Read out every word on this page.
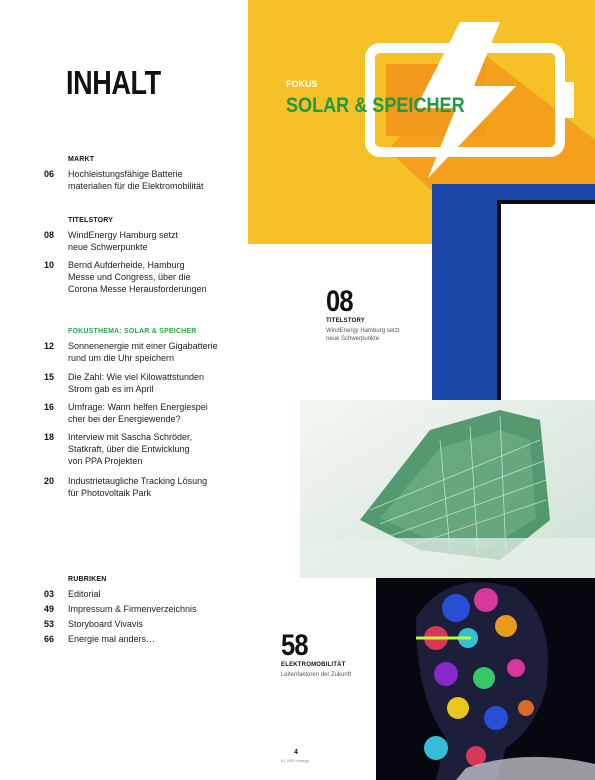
FOKUS
SOLAR & SPEICHER
08
TITELSTORY
WindEnergy Hamburg setzt
neue Schwerpunkte
58
ELEKTROMOBILITÄT
Leitenfaktoren der Zukunft
INHALT
MARKT
06	Hochleistungsfähige Batterie
materialien für die Elektromobilität
TITELSTORY
08	WindEnergy Hamburg setzt
neue Schwerpunkte
10	Bernd Aufderheide, Hamburg
Messe und Congress, über die
Corona Messe Herausforderungen
FOKUSTHEMA: SOLAR & SPEICHER
12	Sonnenenergie mit einer Gigabatterie
rund um die Uhr speichern
15	Die Zahl: Wie viel Kilowattstunden
Strom gab es im April
16	Umfrage: Wann helfen Energiespei
cher bei der Energiewende?
18	Interview mit Sascha Schröder,
Statkraft, über die Entwicklung
von PPA Projekten
20	Industrietaugliche Tracking Lösung
für Photovoltaik Park
RUBRIKEN
03	Editorial
49	Impressum & Firmenverzeichnis
53	Storyboard Vivavis
66	Energie mal anders…
4
6 | 2020 energy
